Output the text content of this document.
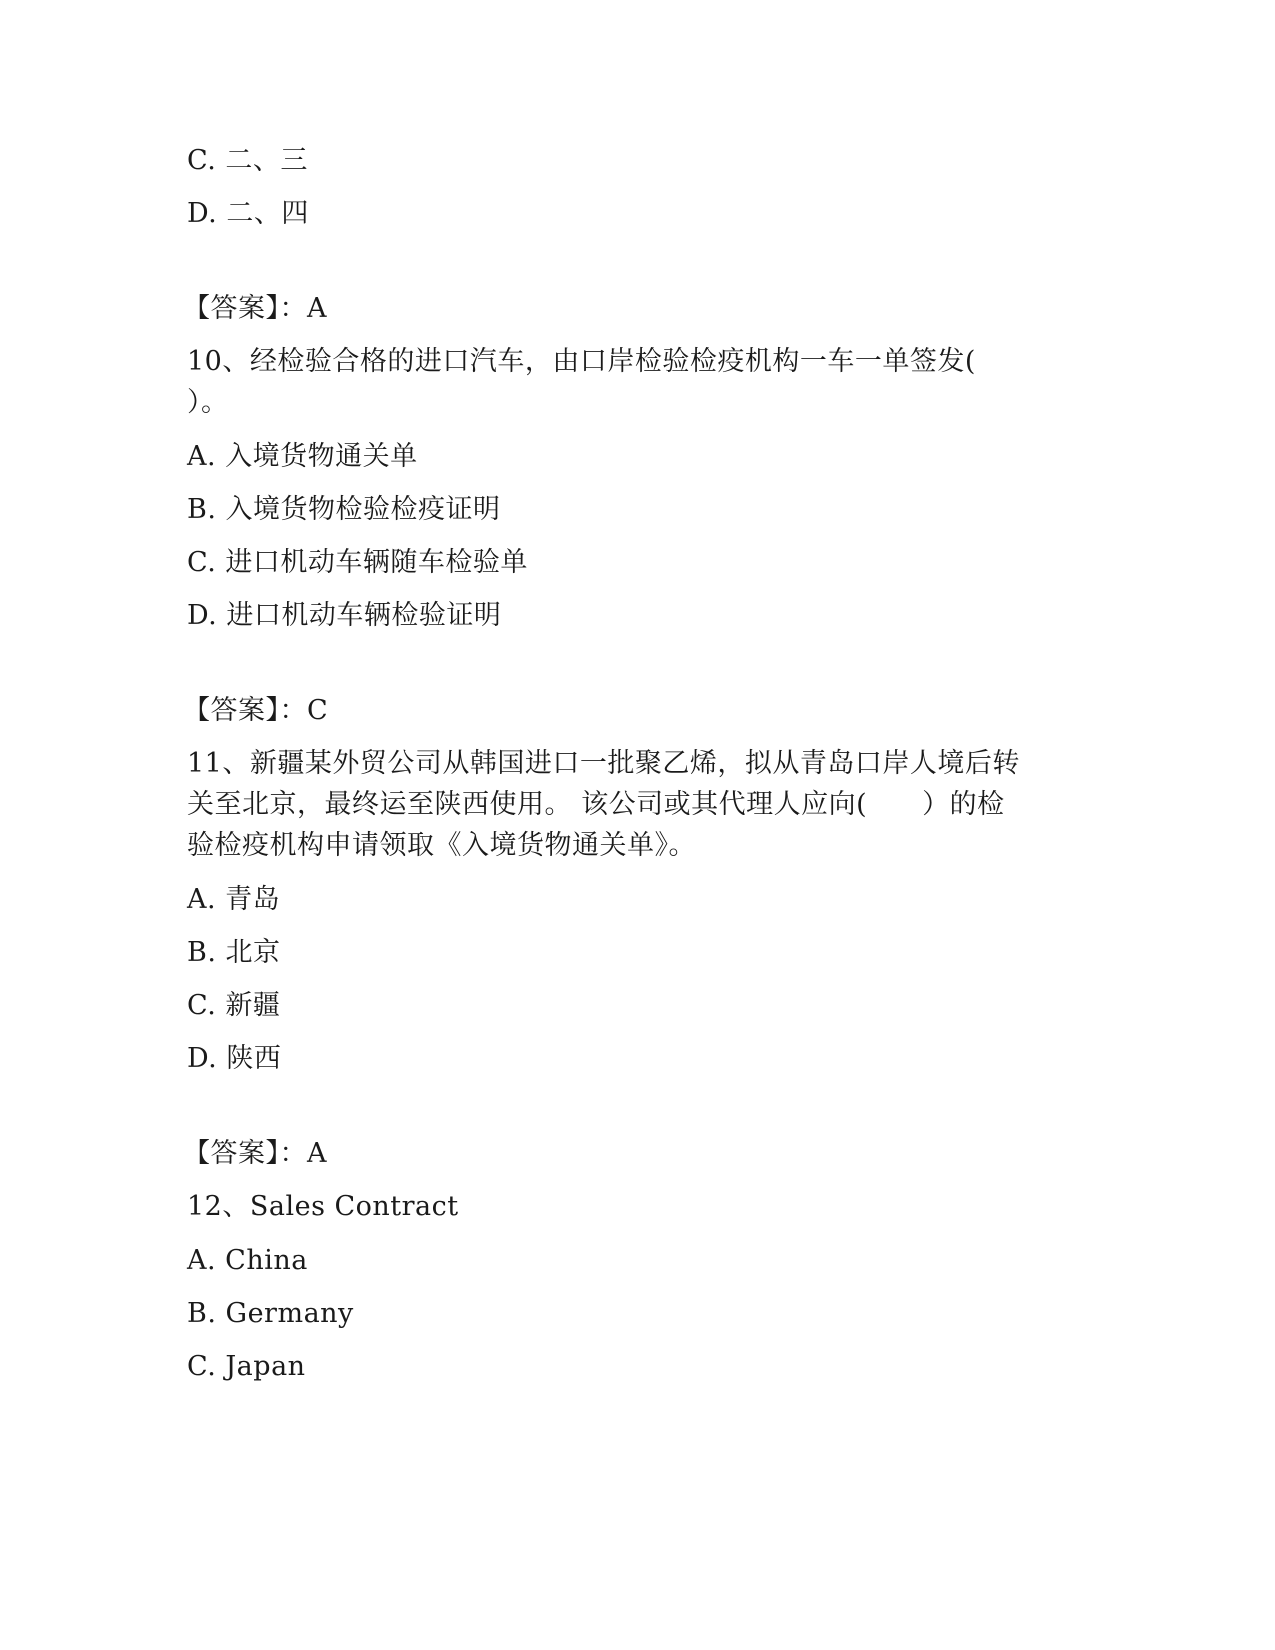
C. 二、三
D. 二、四
【答案】：A
10、经检验合格的进口汽车，由口岸检验检疫机构一车一单签发(
）。
A. 入境货物通关单
B. 入境货物检验检疫证明
C. 进口机动车辆随车检验单
D. 进口机动车辆检验证明
【答案】：C
11、新疆某外贸公司从韩国进口一批聚乙烯，拟从青岛口岸人境后转
关至北京，最终运至陕西使用。 该公司或其代理人应向(　　）的检
验检疫机构申请领取《入境货物通关单》。
A. 青岛
B. 北京
C. 新疆
D. 陕西
【答案】：A
12、Sales Contract
A. China
B. Germany
C. Japan
